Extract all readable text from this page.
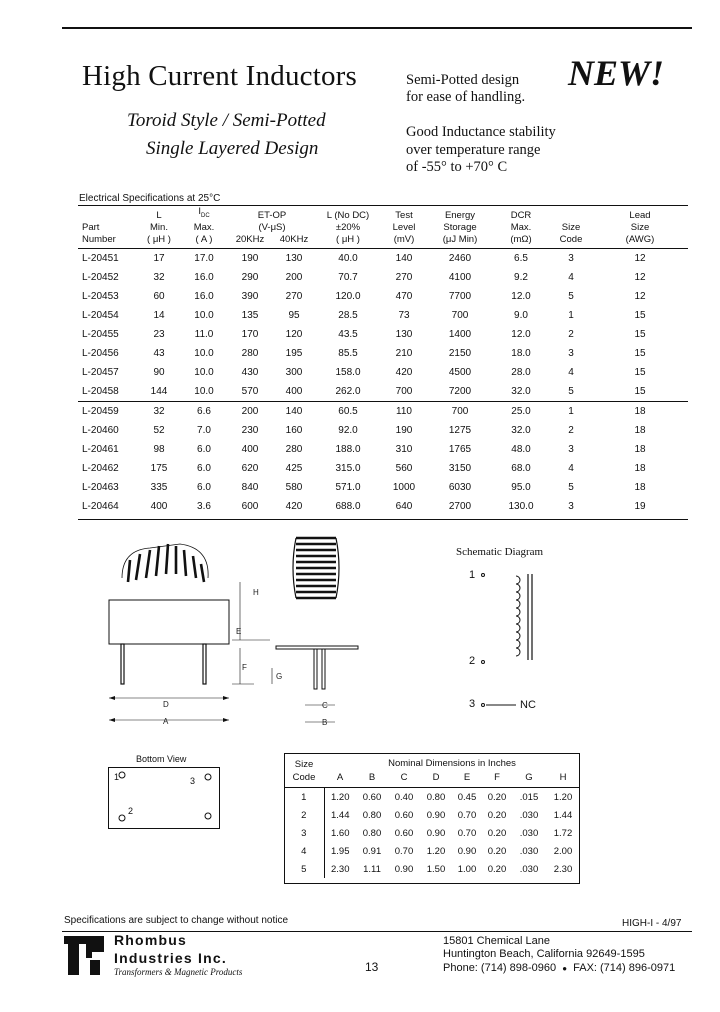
High Current Inductors
Toroid Style / Semi-Potted
Single Layered Design
Semi-Potted design
for ease of handling.
NEW!
Good Inductance stability
over temperature range
of -55° to +70° C
Electrical Specifications at 25°C
	L	$I_{DC}$	ET-OP		L (No DC)	Test	Energy	DCR		Lead
Part	Min.	Max.	(V-μS)		±20%	Level	Storage	Max.	Size	Size
Number	( μH )	( A )	20KHz	40KHz	( μH )	(mV)	(μJ Min)	(mΩ)	Code	(AWG)
L-20451	17	17.0	190	130	40.0	140	2460	6.5	3	12
L-20452	32	16.0	290	200	70.7	270	4100	9.2	4	12
L-20453	60	16.0	390	270	120.0	470	7700	12.0	5	12
L-20454	14	10.0	135	95	28.5	73	700	9.0	1	15
L-20455	23	11.0	170	120	43.5	130	1400	12.0	2	15
L-20456	43	10.0	280	195	85.5	210	2150	18.0	3	15
L-20457	90	10.0	430	300	158.0	420	4500	28.0	4	15
L-20458	144	10.0	570	400	262.0	700	7200	32.0	5	15
L-20459	32	6.6	200	140	60.5	110	700	25.0	1	18
L-20460	52	7.0	230	160	92.0	190	1275	32.0	2	18
L-20461	98	6.0	400	280	188.0	310	1765	48.0	3	18
L-20462	175	6.0	620	425	315.0	560	3150	68.0	4	18
L-20463	335	6.0	840	580	571.0	1000	6030	95.0	5	18
L-20464	400	3.6	600	420	688.0	640	2700	130.0	3	19
H
E
F
G
D
A
C
B
Bottom View
1	3
2
Schematic Diagram
1
2
3	NC
Size
Code	Nominal Dimensions in Inches							
	A	B	C	D	E	F	G	H
1	1.20	0.60	0.40	0.80	0.45	0.20	.015	1.20
2	1.44	0.80	0.60	0.90	0.70	0.20	.030	1.44
3	1.60	0.80	0.60	0.90	0.70	0.20	.030	1.72
4	1.95	0.91	0.70	1.20	0.90	0.20	.030	2.00
5	2.30	1.11	0.90	1.50	1.00	0.20	.030	2.30
Specifications are subject to change without notice	HIGH-I - 4/97
Rhombus
Industries Inc.
Transformers & Magnetic Products	13
15801 Chemical Lane
Huntington Beach, California 92649-1595
Phone: (714) 898-0960 ● FAX: (714) 896-0971
